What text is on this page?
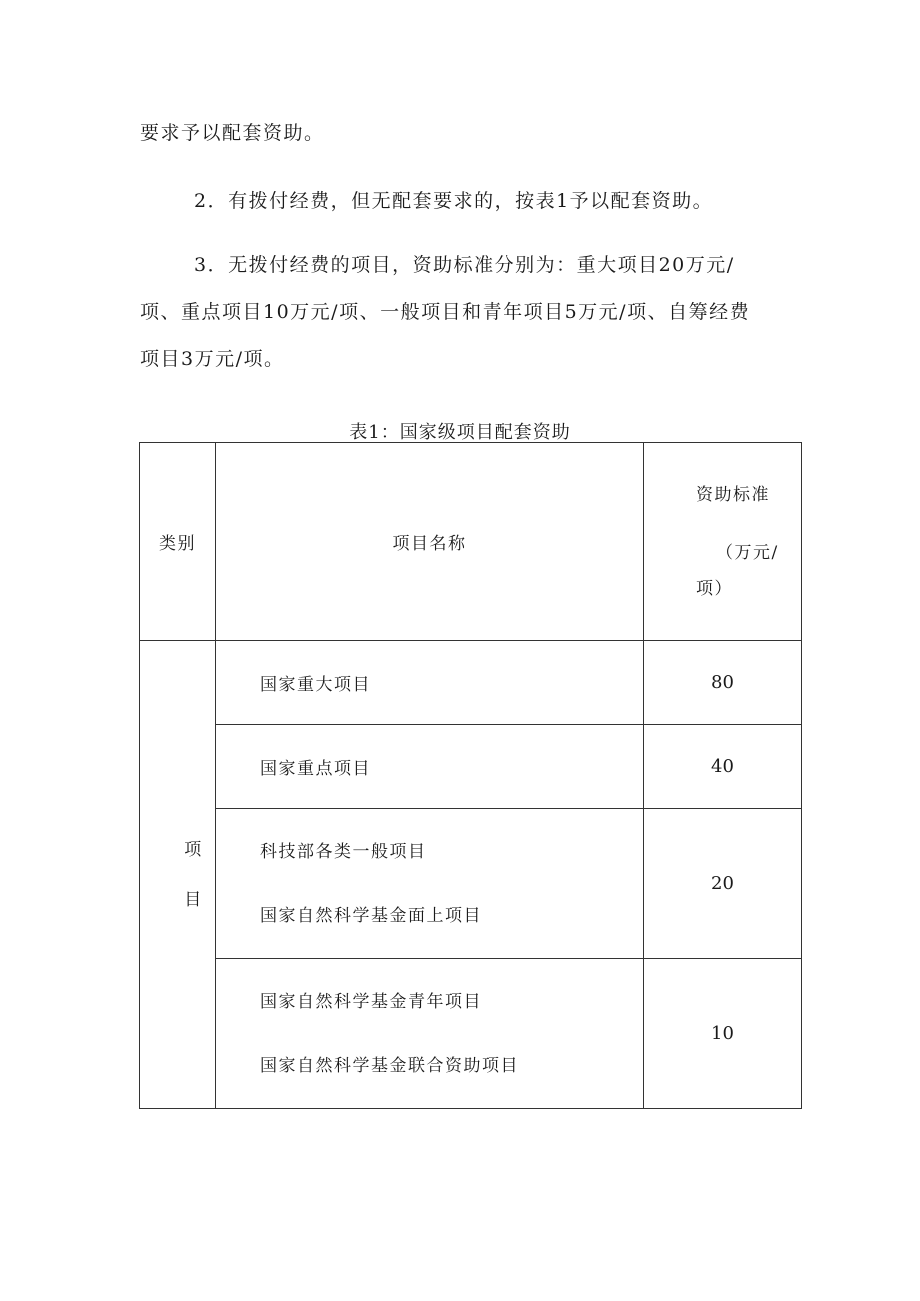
要求予以配套资助。
2．有拨付经费，但无配套要求的，按表1予以配套资助。
3．无拨付经费的项目，资助标准分别为：重大项目20万元/
项、重点项目10万元/项、一般项目和青年项目5万元/项、自筹经费
项目3万元/项。
表1：国家级项目配套资助
类别	项目名称	资助标准
（万元/
项）

项
目	国家重大项目	80

	国家重点项目	40

	科技部各类一般项目
国家自然科学基金面上项目	20

	国家自然科学基金青年项目
国家自然科学基金联合资助项目	10
